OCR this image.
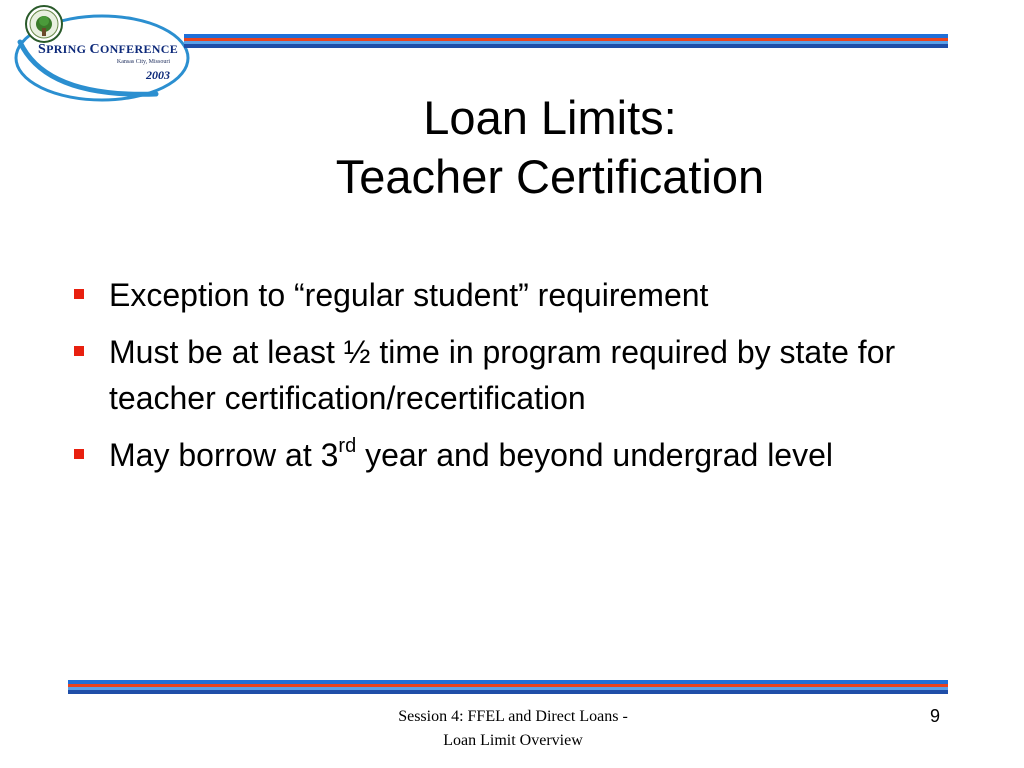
SPRING CONFERENCE
Kansas City, Missouri
2003
Loan Limits:
Teacher Certification
Exception to “regular student” requirement
Must be at least ½ time in program required by state for teacher certification/recertification
May borrow at 3rd year and beyond undergrad level
Session 4: FFEL and Direct Loans -
Loan Limit Overview
9
